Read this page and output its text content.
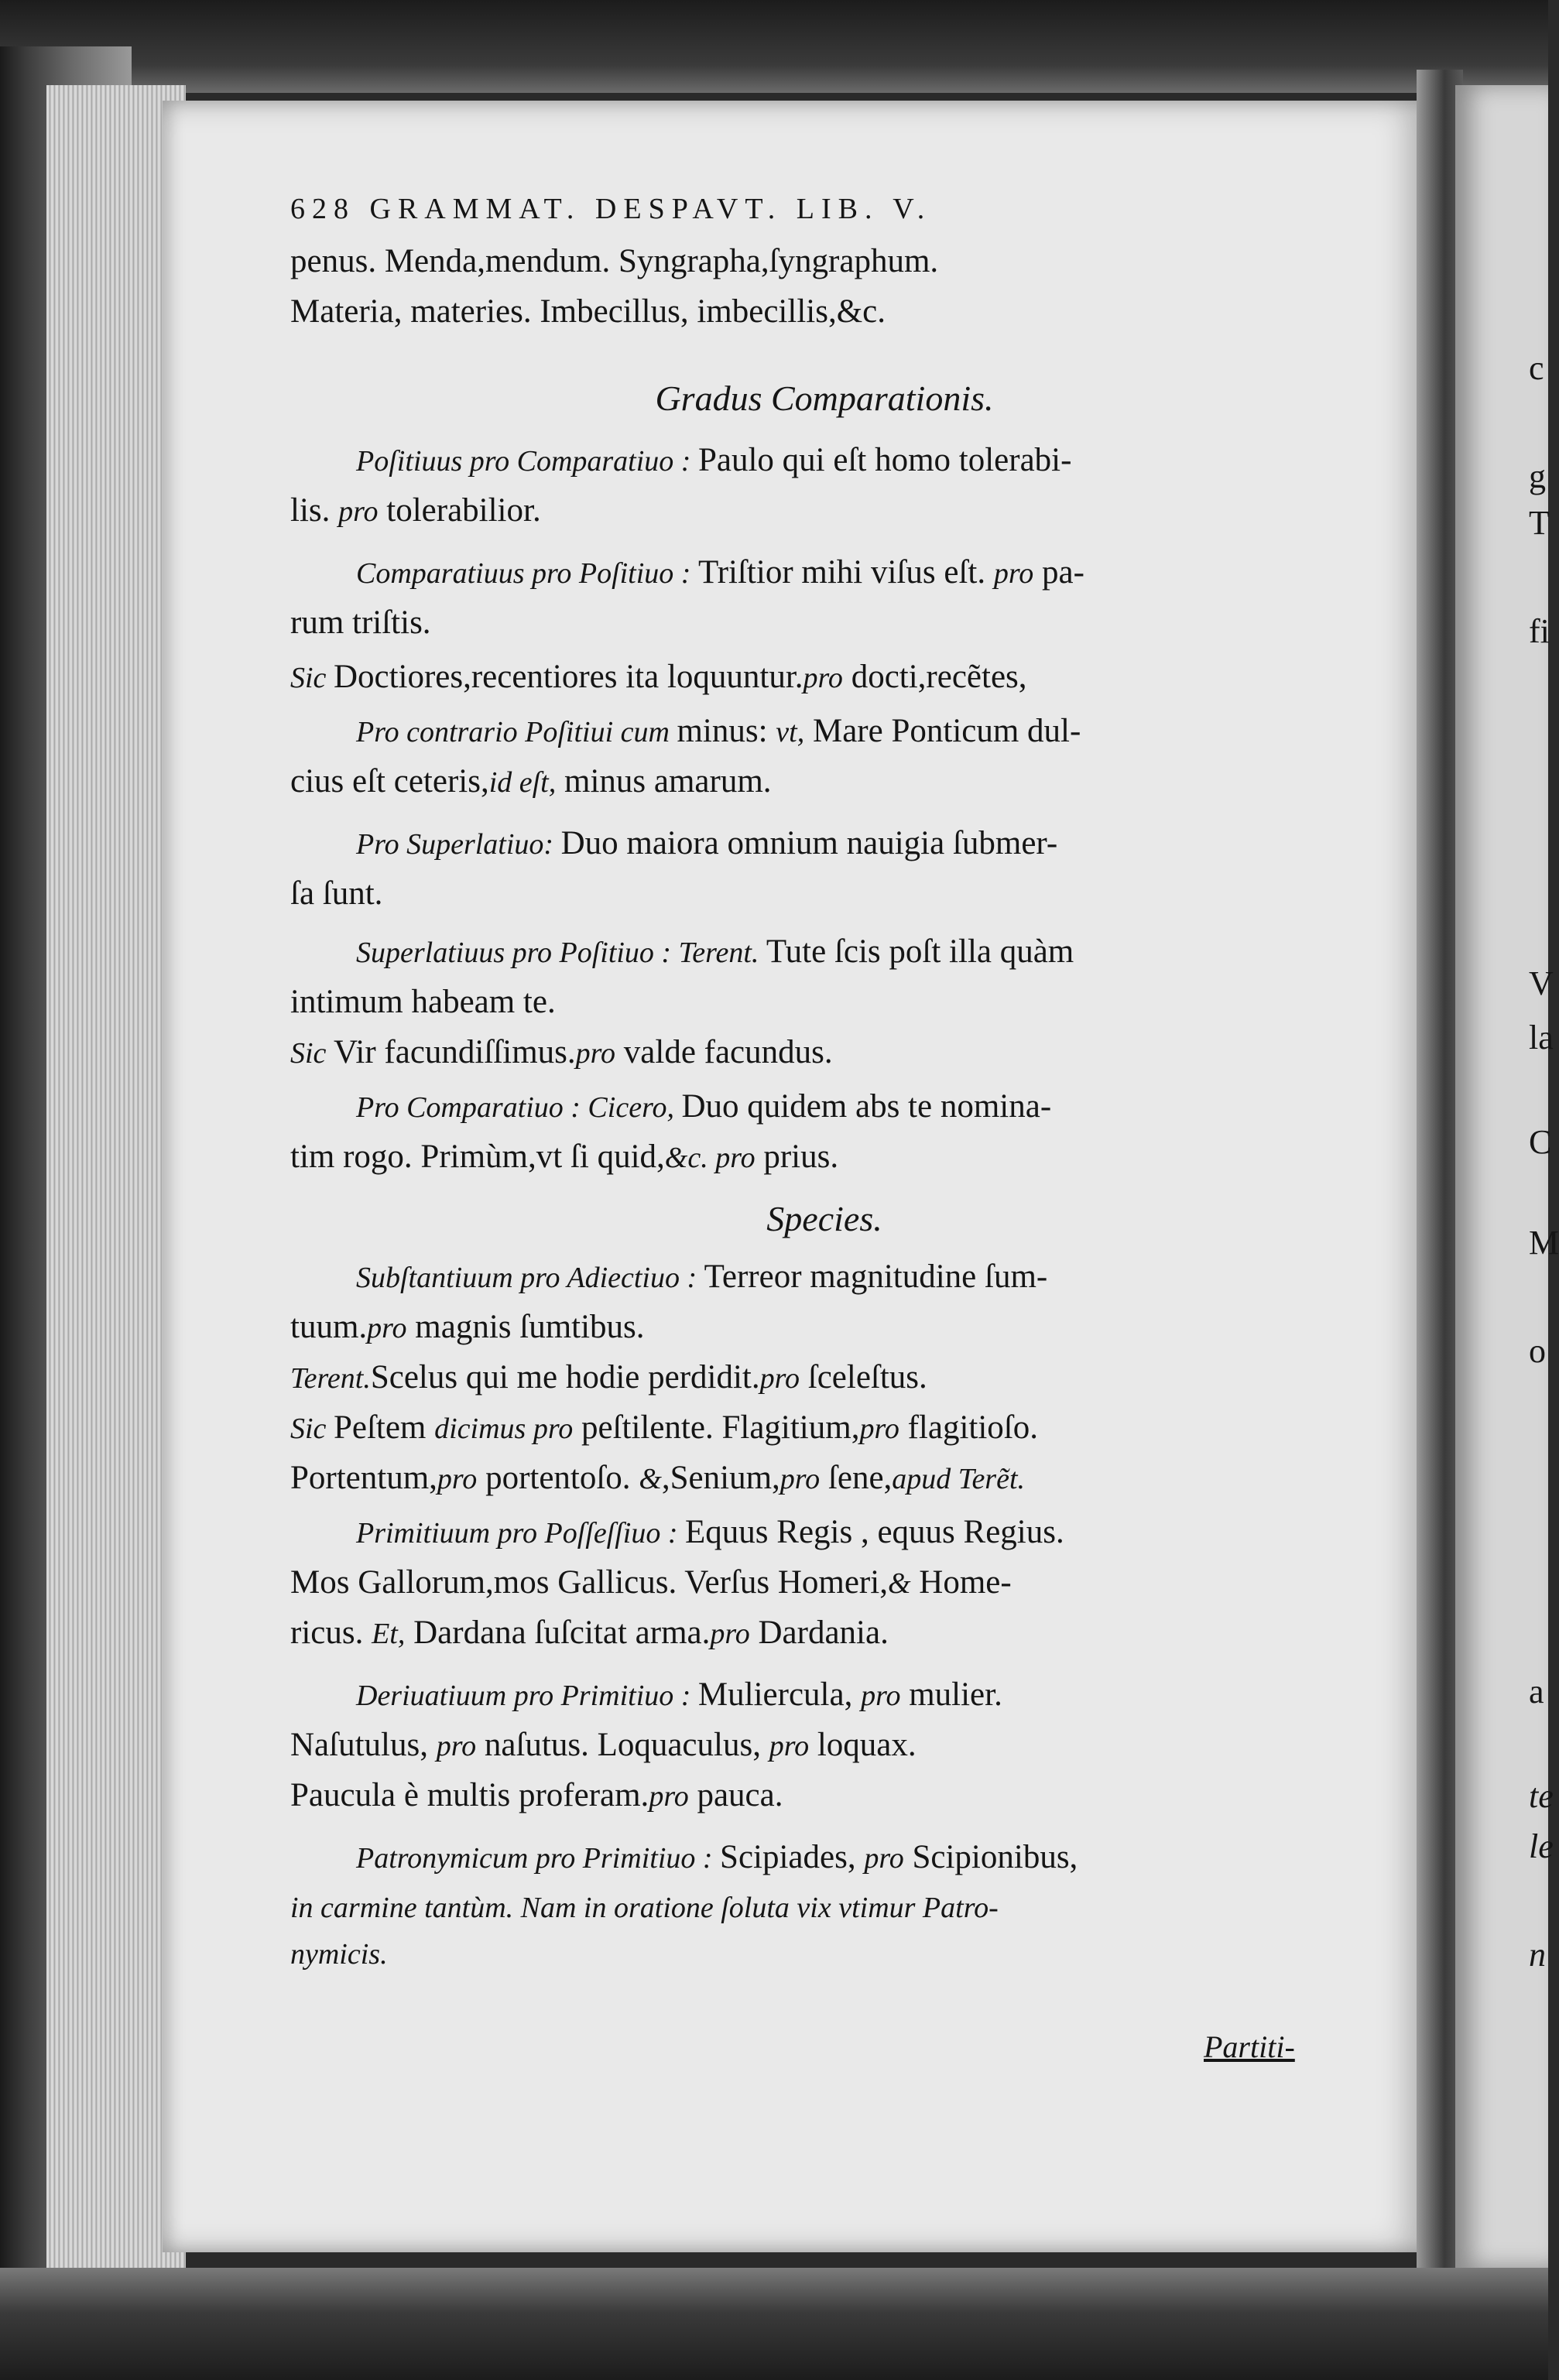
628 GRAMMAT. DESPAVT. LIB. V.
penus. Menda,mendum. Syngrapha,ſyngraphum.
Materia, materies. Imbecillus, imbecillis,&c.
Gradus Comparationis.
Poſitiuus pro Comparatiuo : Paulo qui eſt homo tolerabi-
lis. pro tolerabilior.
Comparatiuus pro Poſitiuo : Triſtior mihi viſus eſt. pro pa-
rum triſtis.
Sic Doctiores,recentiores ita loquuntur.pro docti,recẽtes,
Pro contrario Poſitiui cum minus: vt, Mare Ponticum dul-
cius eſt ceteris,id eſt, minus amarum.
Pro Superlatiuo: Duo maiora omnium nauigia ſubmer-
ſa ſunt.
Superlatiuus pro Poſitiuo : Terent. Tute ſcis poſt illa quàm
intimum habeam te.
Sic Vir facundiſſimus.pro valde facundus.
Pro Comparatiuo : Cicero, Duo quidem abs te nomina-
tim rogo. Primùm,vt ſi quid,&c. pro prius.
Species.
Subſtantiuum pro Adiectiuo : Terreor magnitudine ſum-
tuum.pro magnis ſumtibus.
Terent.Scelus qui me hodie perdidit.pro ſceleſtus.
Sic Peſtem dicimus pro peſtilente. Flagitium,pro flagitioſo.
Portentum,pro portentoſo. &,Senium,pro ſene,apud Terẽt.
Primitiuum pro Poſſeſſiuo : Equus Regis , equus Regius.
Mos Gallorum,mos Gallicus. Verſus Homeri,& Home-
ricus. Et, Dardana ſuſcitat arma.pro Dardania.
Deriuatiuum pro Primitiuo : Muliercula, pro mulier.
Naſutulus, pro naſutus. Loquaculus, pro loquax.
Paucula è multis proferam.pro pauca.
Patronymicum pro Primitiuo : Scipiades, pro Scipionibus,
in carmine tantùm. Nam in oratione ſoluta vix vtimur Patro-
nymicis.
Partiti-
c
g
T
fi
V
la
C
M
o
a
te
le
n
